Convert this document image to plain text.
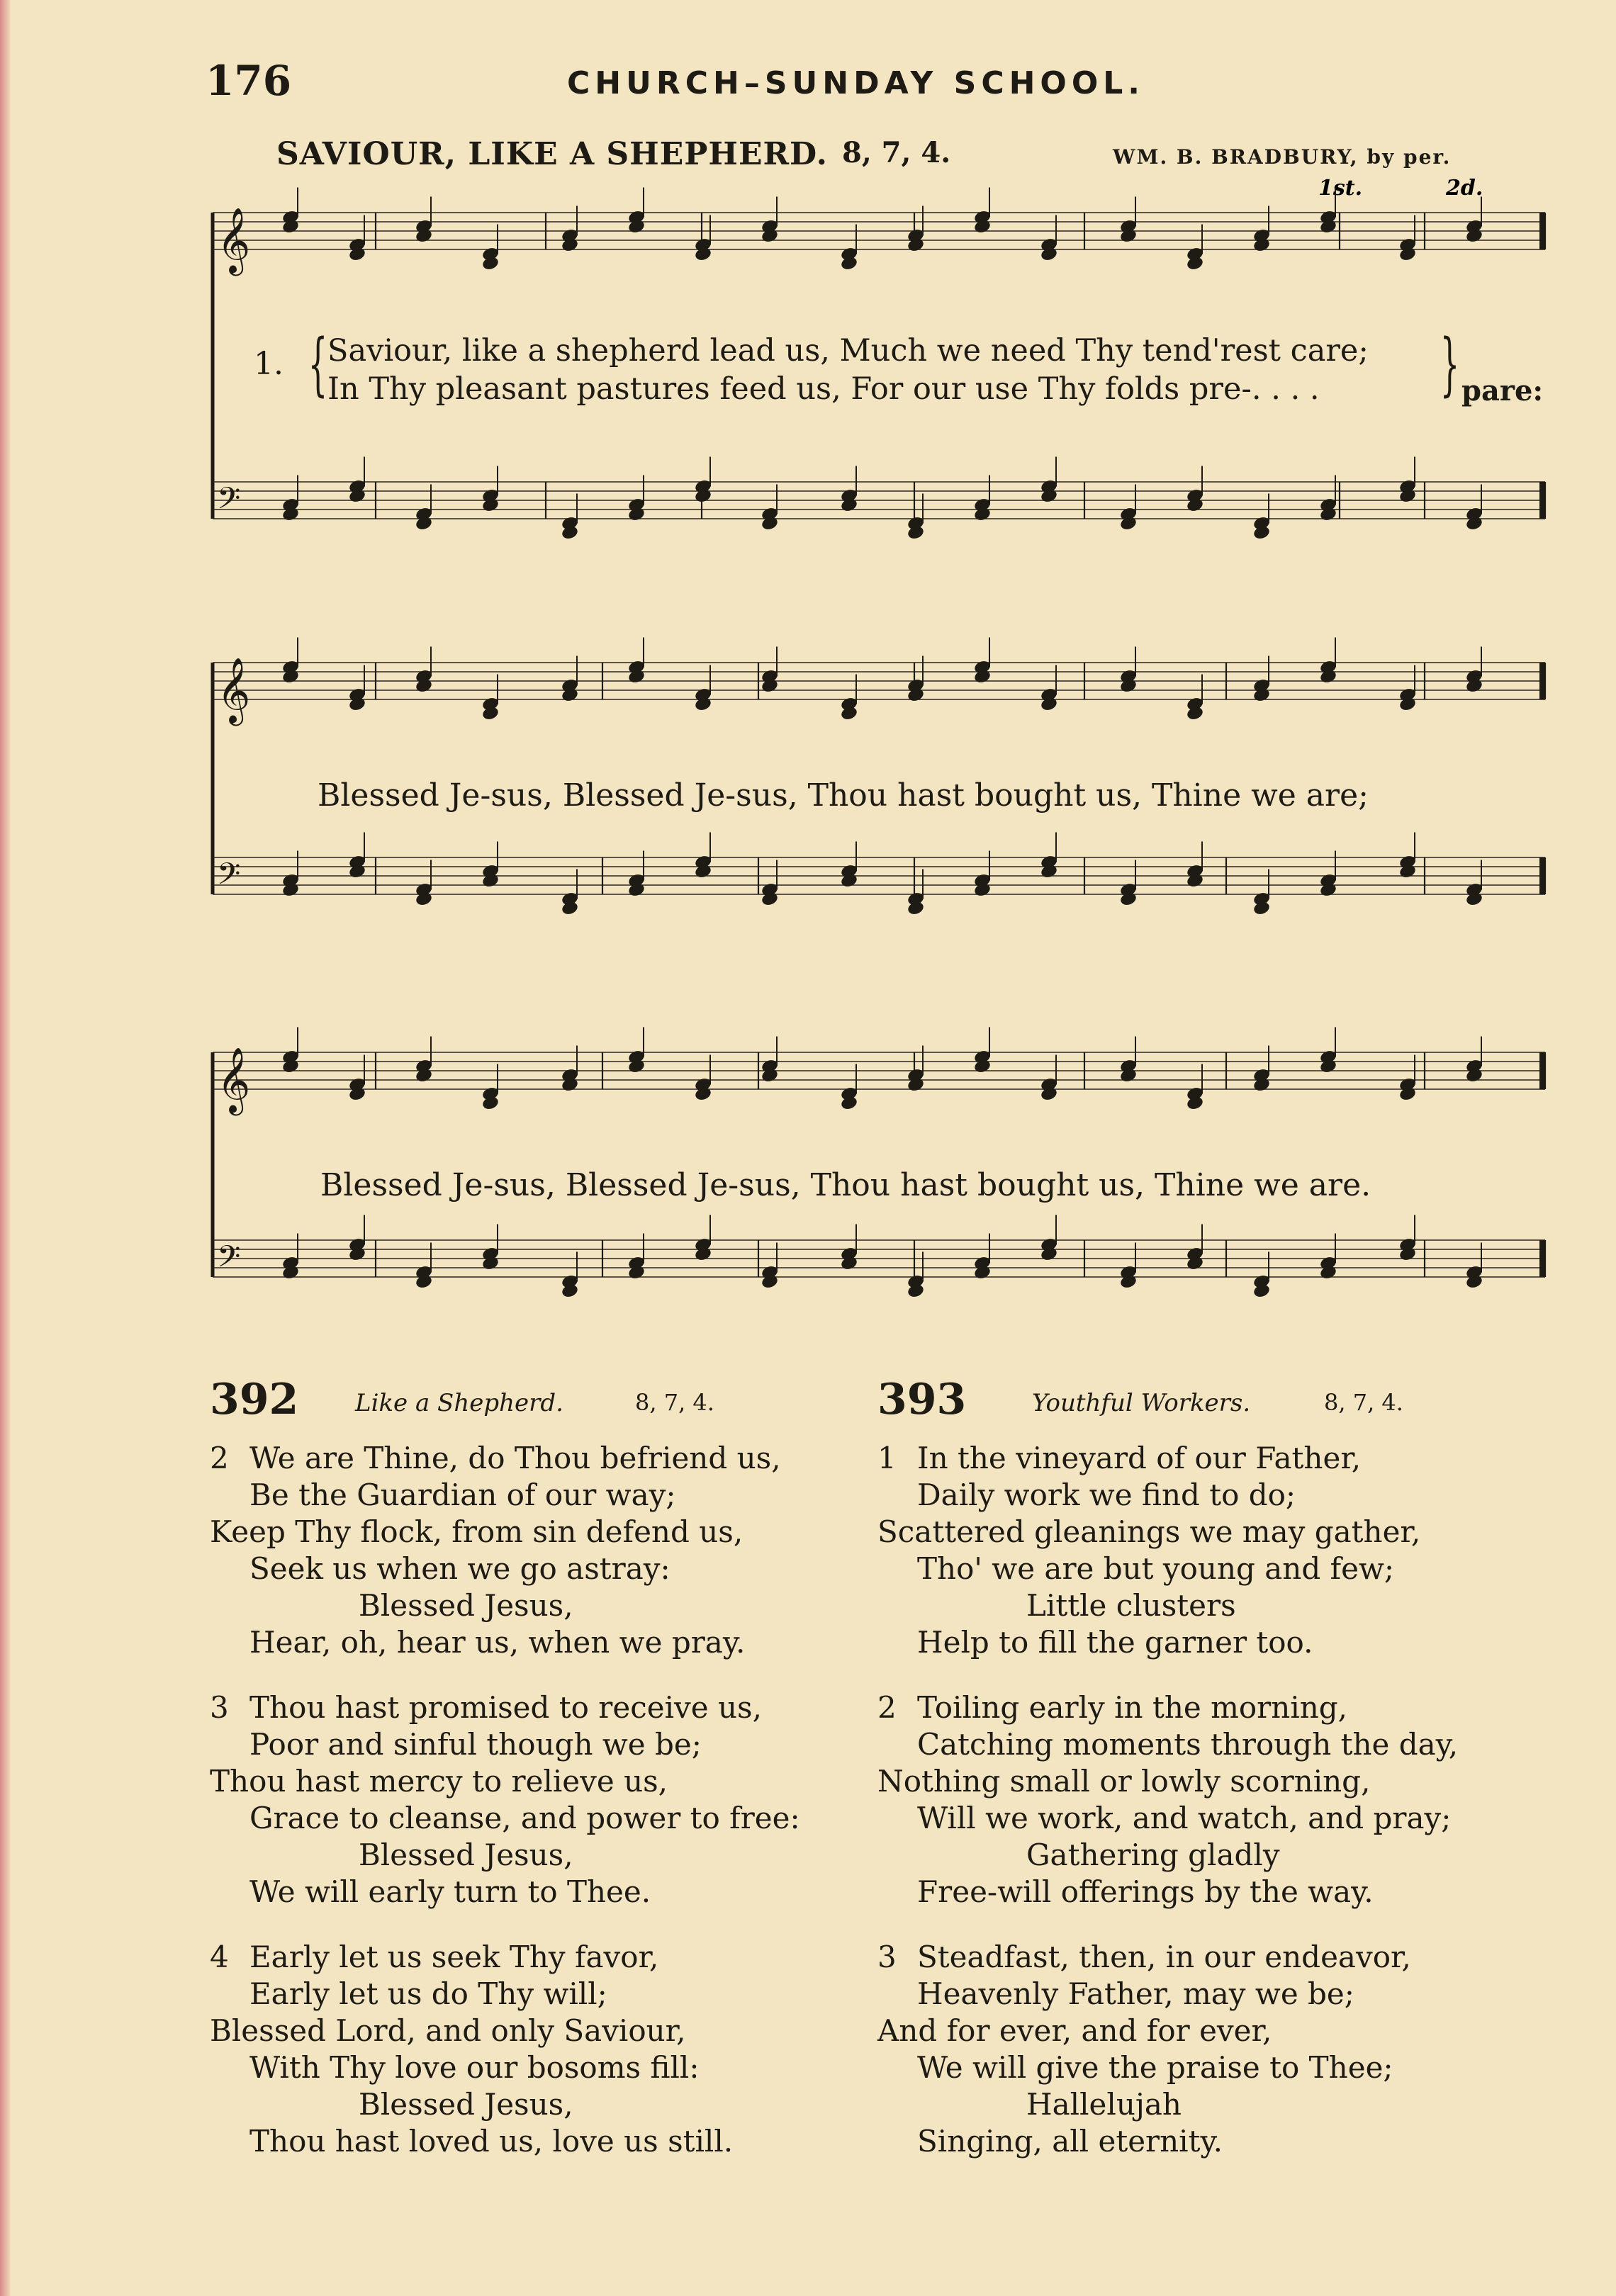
176	CHURCH–SUNDAY SCHOOL.
SAVIOUR, LIKE A SHEPHERD. 8, 7, 4.	WM. B. BRADBURY, by per.
1st.	2d.
𝄞
𝄢
𝄞
𝄢
𝄞
𝄢
1. { Saviour, like a shepherd lead us, Much we need Thy tend'rest care;
In Thy pleasant pastures feed us, For our use Thy folds pre-. . . . } pare:
Blessed Je-sus, Blessed Je-sus, Thou hast bought us, Thine we are;
Blessed Je-sus, Blessed Je-sus, Thou hast bought us, Thine we are.
392 Like a Shepherd.	8, 7, 4.
2 We are Thine, do Thou befriend us,
Be the Guardian of our way;
Keep Thy flock, from sin defend us,
Seek us when we go astray:
Blessed Jesus,
Hear, oh, hear us, when we pray.
3 Thou hast promised to receive us,
Poor and sinful though we be;
Thou hast mercy to relieve us,
Grace to cleanse, and power to free:
Blessed Jesus,
We will early turn to Thee.
4 Early let us seek Thy favor,
Early let us do Thy will;
Blessed Lord, and only Saviour,
With Thy love our bosoms fill:
Blessed Jesus,
Thou hast loved us, love us still.
393	Youthful Workers.	8, 7, 4.
1 In the vineyard of our Father,
Daily work we find to do;
Scattered gleanings we may gather,
Tho' we are but young and few;
Little clusters
Help to fill the garner too.
2 Toiling early in the morning,
Catching moments through the day,
Nothing small or lowly scorning,
Will we work, and watch, and pray;
Gathering gladly
Free-will offerings by the way.
3 Steadfast, then, in our endeavor,
Heavenly Father, may we be;
And for ever, and for ever,
We will give the praise to Thee;
Hallelujah
Singing, all eternity.
